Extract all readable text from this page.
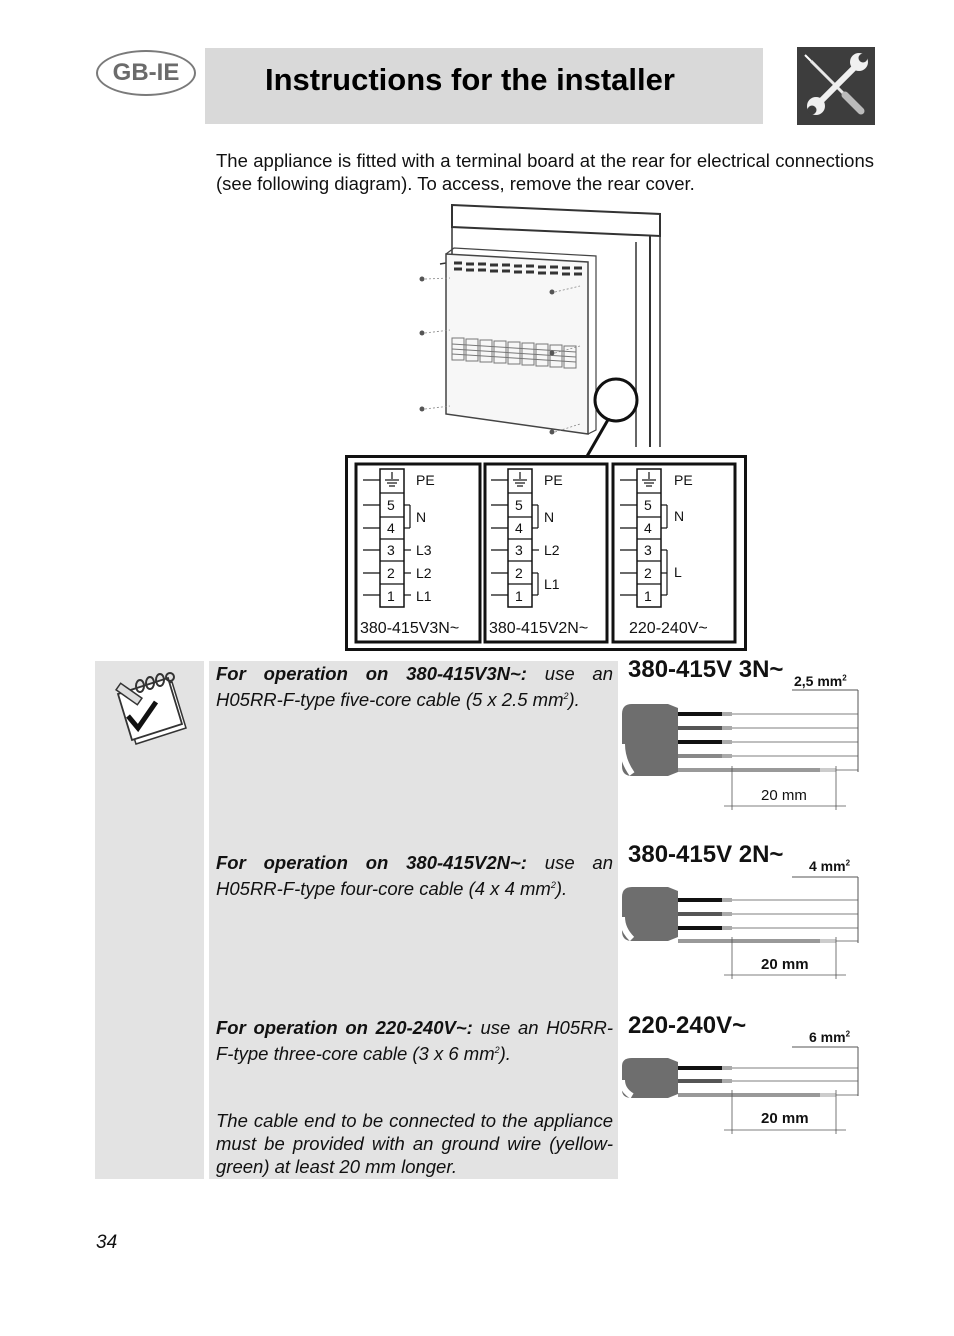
GB-IE	Instructions for the installer
The appliance is fitted with a terminal board at the rear for electrical connections (see following diagram). To access, remove the rear cover.
5
4
3
2
1
PE
N
L3
L2
L1
380-415V3N~
5
4
3
2
1
PE
N
L2
L1
380-415V2N~
5
4
3
2
1
PE
N
L
220-240V~
For operation on 380-415V3N~: use an H05RR-F-type five-core cable (5 x 2.5 $mm^2$).
For operation on 380-415V2N~: use an H05RR-F-type four-core cable (4 x 4 $mm^2$).
For operation on 220-240V~: use an H05RR-F-type three-core cable (3 x 6 $mm^2$).
The cable end to be connected to the appliance must be provided with an ground wire (yellow-green) at least 20 mm longer.
380-415V 3N~ 2,5 $mm^2$
20 mm
380-415V 2N~ 4 $mm^2$
20 mm
220-240V~	6 $mm^2$
20 mm
34
